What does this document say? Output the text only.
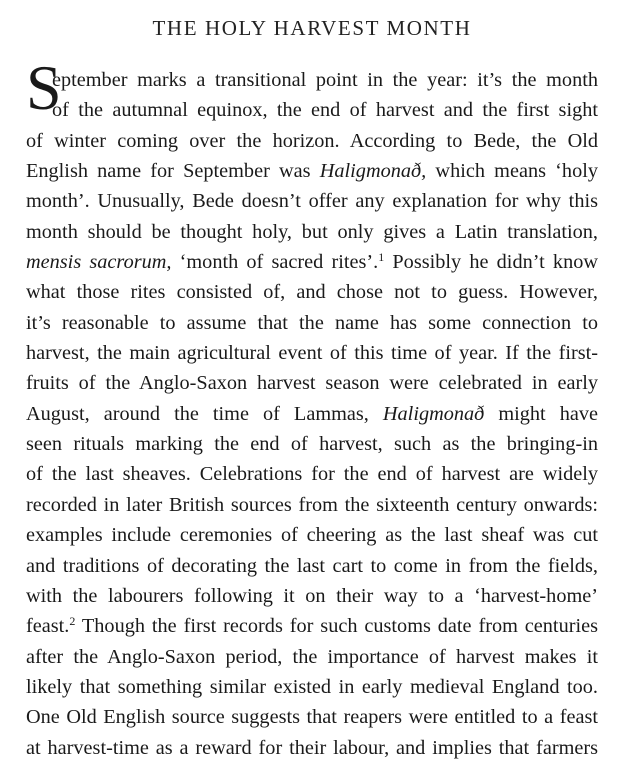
THE HOLY HARVEST MONTH
S
eptember marks a transitional point in the year: it’s the month
of the autumnal equinox, the end of harvest and the first sight
of winter coming over the horizon. According to Bede, the Old
English name for September was Haligmonað, which means ‘holy
month’. Unusually, Bede doesn’t offer any explanation for why this
month should be thought holy, but only gives a Latin translation,
mensis sacrorum, ‘month of sacred rites’.$^1$ Possibly he didn’t know
what those rites consisted of, and chose not to guess. However,
it’s reasonable to assume that the name has some connection to
harvest, the main agricultural event of this time of year. If the first-
fruits of the Anglo-Saxon harvest season were celebrated in early
August, around the time of Lammas, Haligmonað might have
seen rituals marking the end of harvest, such as the bringing-in
of the last sheaves. Celebrations for the end of harvest are widely
recorded in later British sources from the sixteenth century onwards:
examples include ceremonies of cheering as the last sheaf was cut
and traditions of decorating the last cart to come in from the fields,
with the labourers following it on their way to a ‘harvest-home’
feast.$^2$ Though the first records for such customs date from centuries
after the Anglo-Saxon period, the importance of harvest makes it
likely that something similar existed in early medieval England too.
One Old English source suggests that reapers were entitled to a feast
at harvest-time as a reward for their labour, and implies that farmers
